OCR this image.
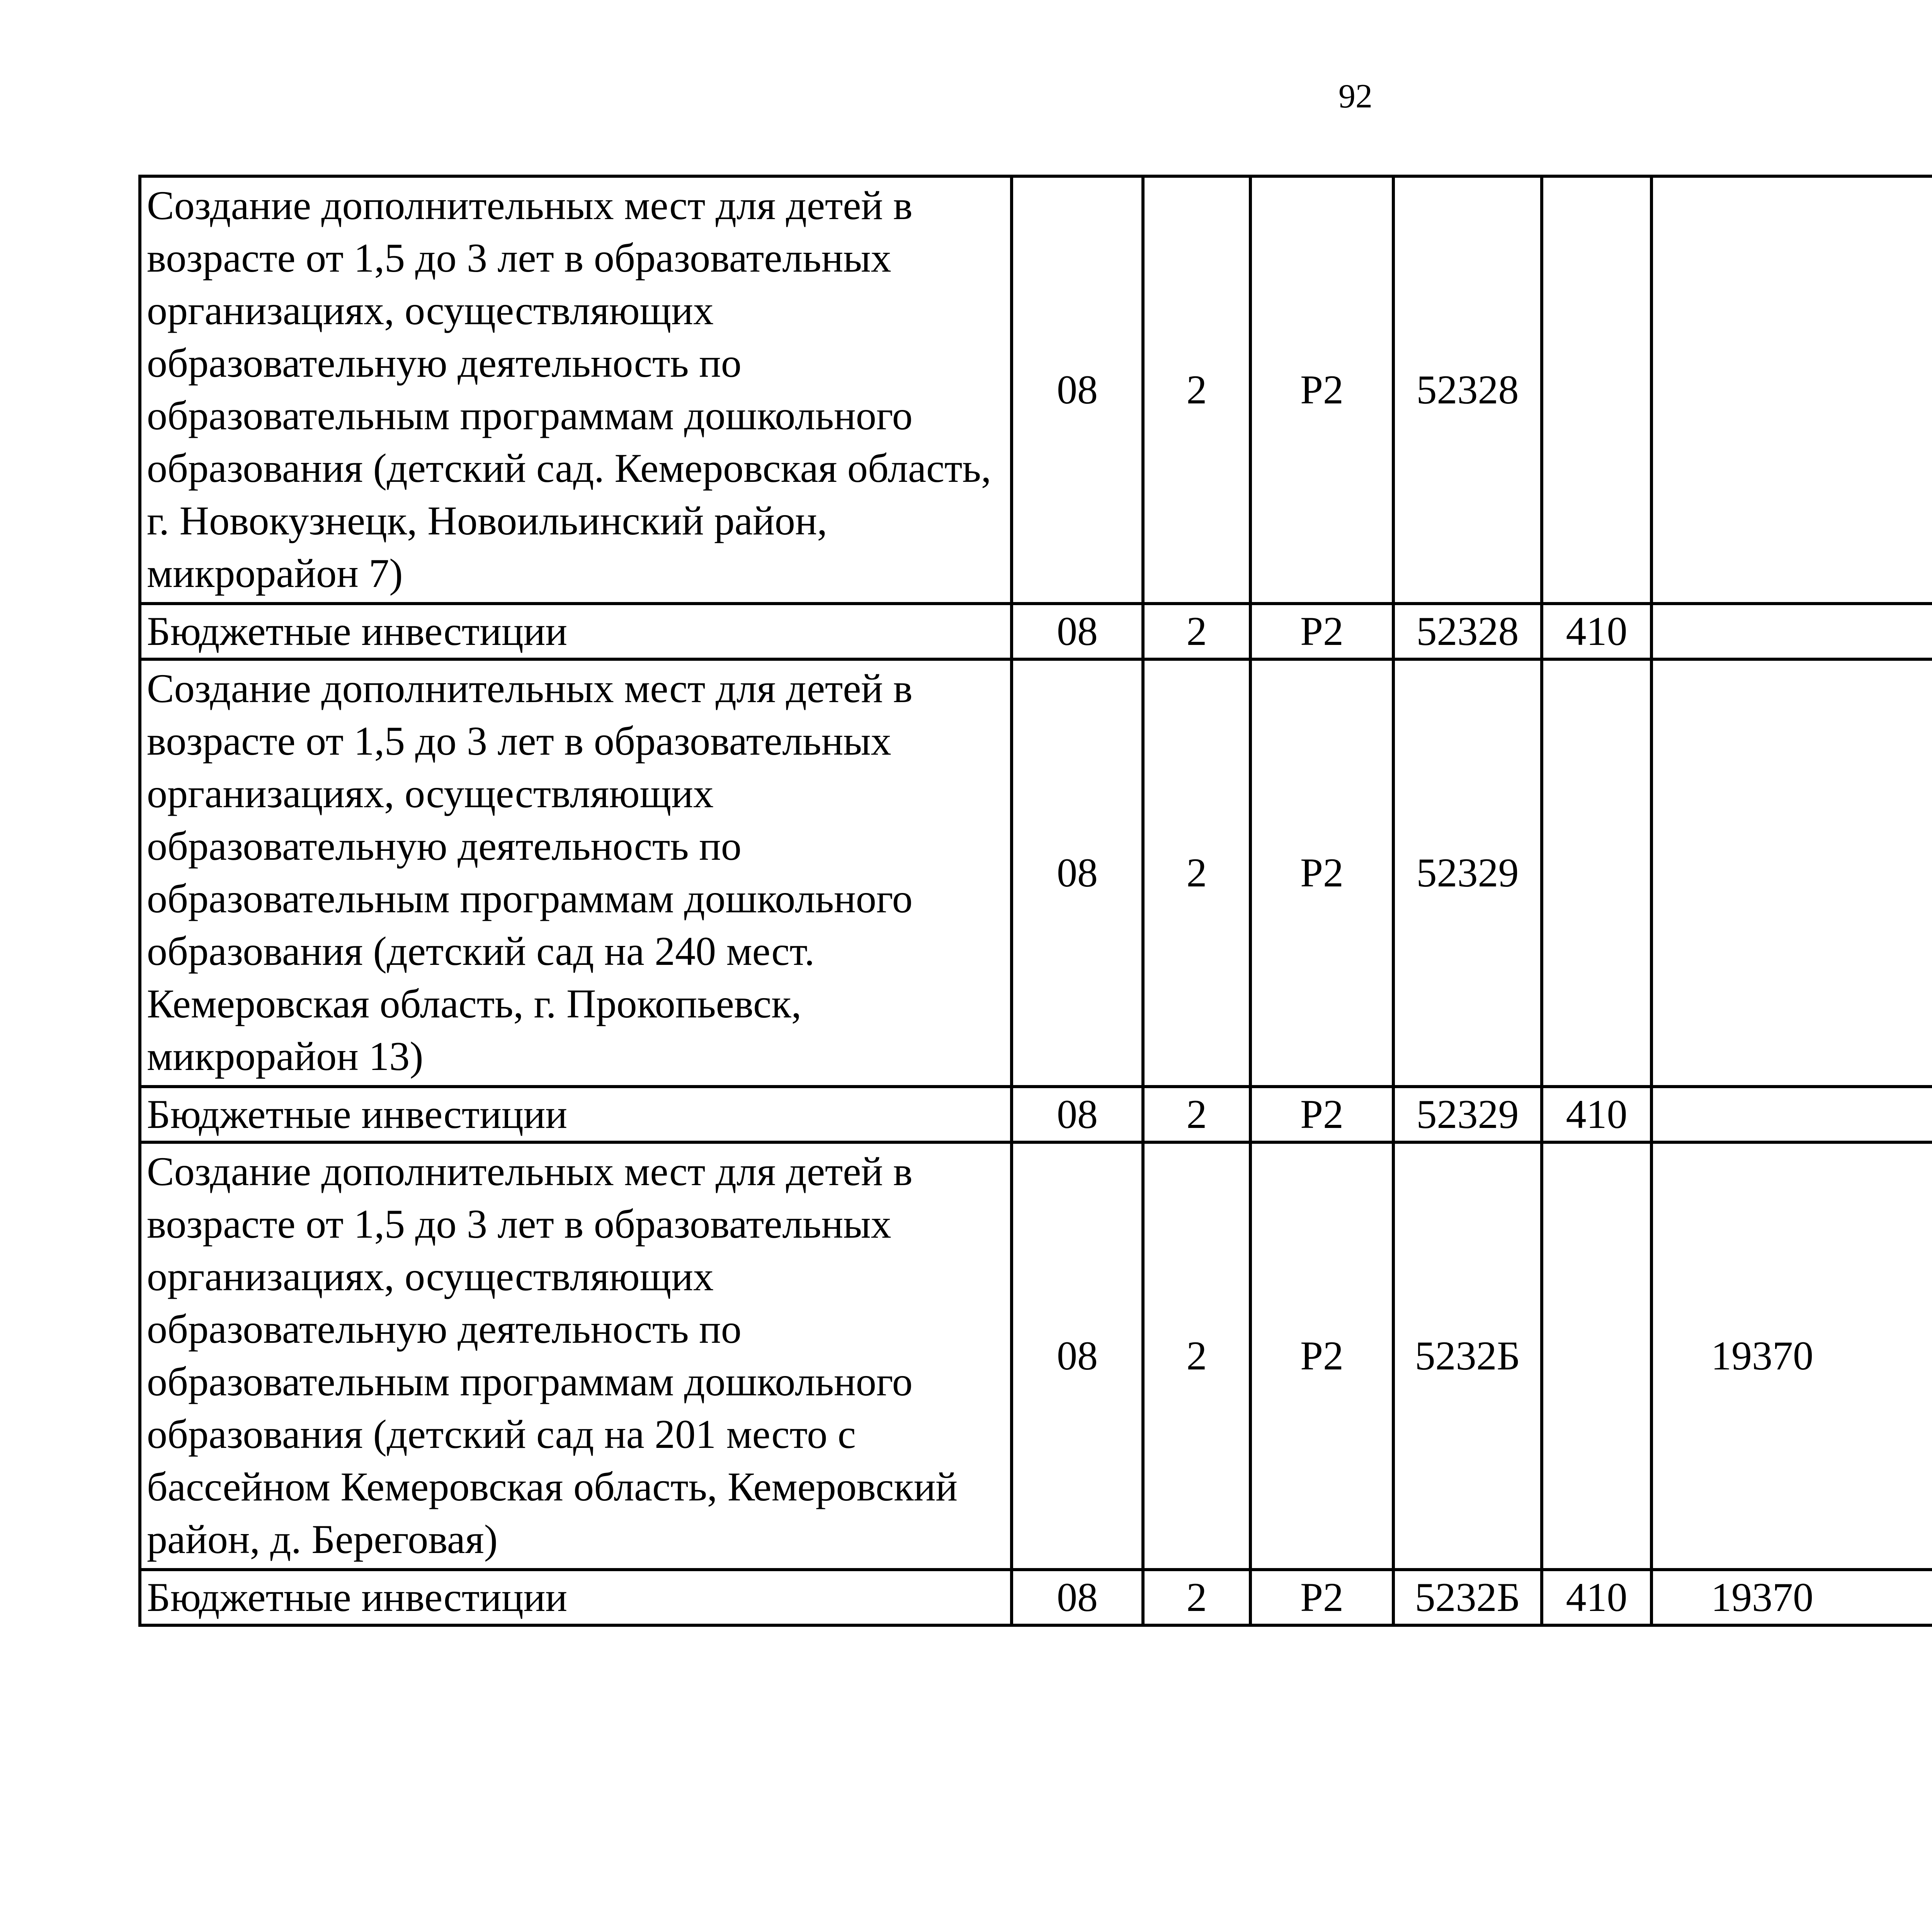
92
Создание дополнительных мест для детей в возрасте от 1,5 до 3 лет в образовательных организациях, осуществляющих образовательную деятельность по образовательным программам дошкольного образования (детский сад. Кемеровская область, г. Новокузнецк, Новоильинский район, микрорайон 7)	08	2	Р2	52328				
Бюджетные инвестиции	08	2	Р2	52328	410			
Создание дополнительных мест для детей в возрасте от 1,5 до 3 лет в образовательных организациях, осуществляющих образовательную деятельность по образовательным программам дошкольного образования (детский сад на 240 мест. Кемеровская область, г. Прокопьевск, микрорайон 13)	08	2	Р2	52329				
Бюджетные инвестиции	08	2	Р2	52329	410			
Создание дополнительных мест для детей в возрасте от 1,5 до 3 лет в образовательных организациях, осуществляющих образовательную деятельность по образовательным программам дошкольного образования (детский сад на 201 место с бассейном Кемеровская область, Кемеровский район, д. Береговая)	08	2	Р2	5232Б		19370		
Бюджетные инвестиции	08	2	Р2	5232Б	410	19370		
